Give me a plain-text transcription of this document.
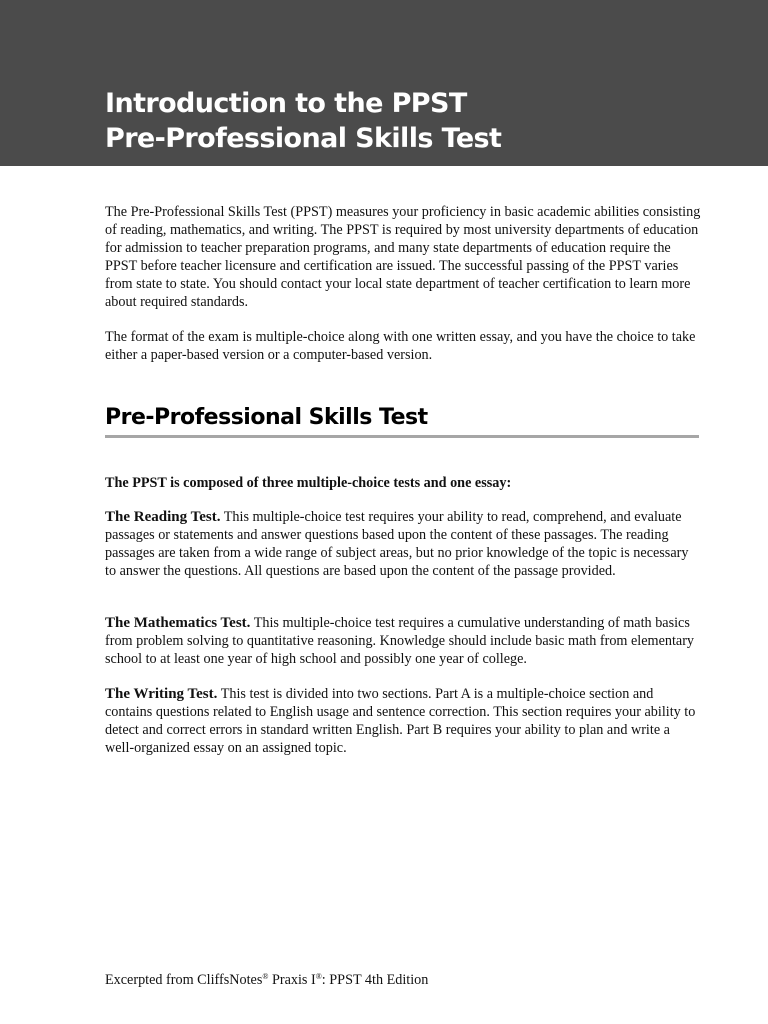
Introduction to the PPST
Pre-Professional Skills Test

The Pre-Professional Skills Test (PPST) measures your proficiency in basic academic abilities consisting of reading, mathematics, and writing. The PPST is required by most university departments of education for admission to teacher preparation programs, and many state departments of education require the PPST before teacher licensure and certification are issued. The successful passing of the PPST varies from state to state. You should contact your local state department of teacher certification to learn more about required standards.

The format of the exam is multiple-choice along with one written essay, and you have the choice to take either a paper-based version or a computer-based version.

Pre-Professional Skills Test

The PPST is composed of three multiple-choice tests and one essay:

The Reading Test. This multiple-choice test requires your ability to read, comprehend, and evaluate passages or statements and answer questions based upon the content of these passages. The reading passages are taken from a wide range of subject areas, but no prior knowledge of the topic is necessary to answer the questions. All questions are based upon the content of the passage provided.

The Mathematics Test. This multiple-choice test requires a cumulative understanding of math basics from problem solving to quantitative reasoning. Knowledge should include basic math from elementary school to at least one year of high school and possibly one year of college.

The Writing Test. This test is divided into two sections. Part A is a multiple-choice section and contains questions related to English usage and sentence correction. This section requires your ability to detect and correct errors in standard written English. Part B requires your ability to plan and write a well-organized essay on an assigned topic.

Excerpted from CliffsNotes® Praxis I®: PPST 4th Edition
